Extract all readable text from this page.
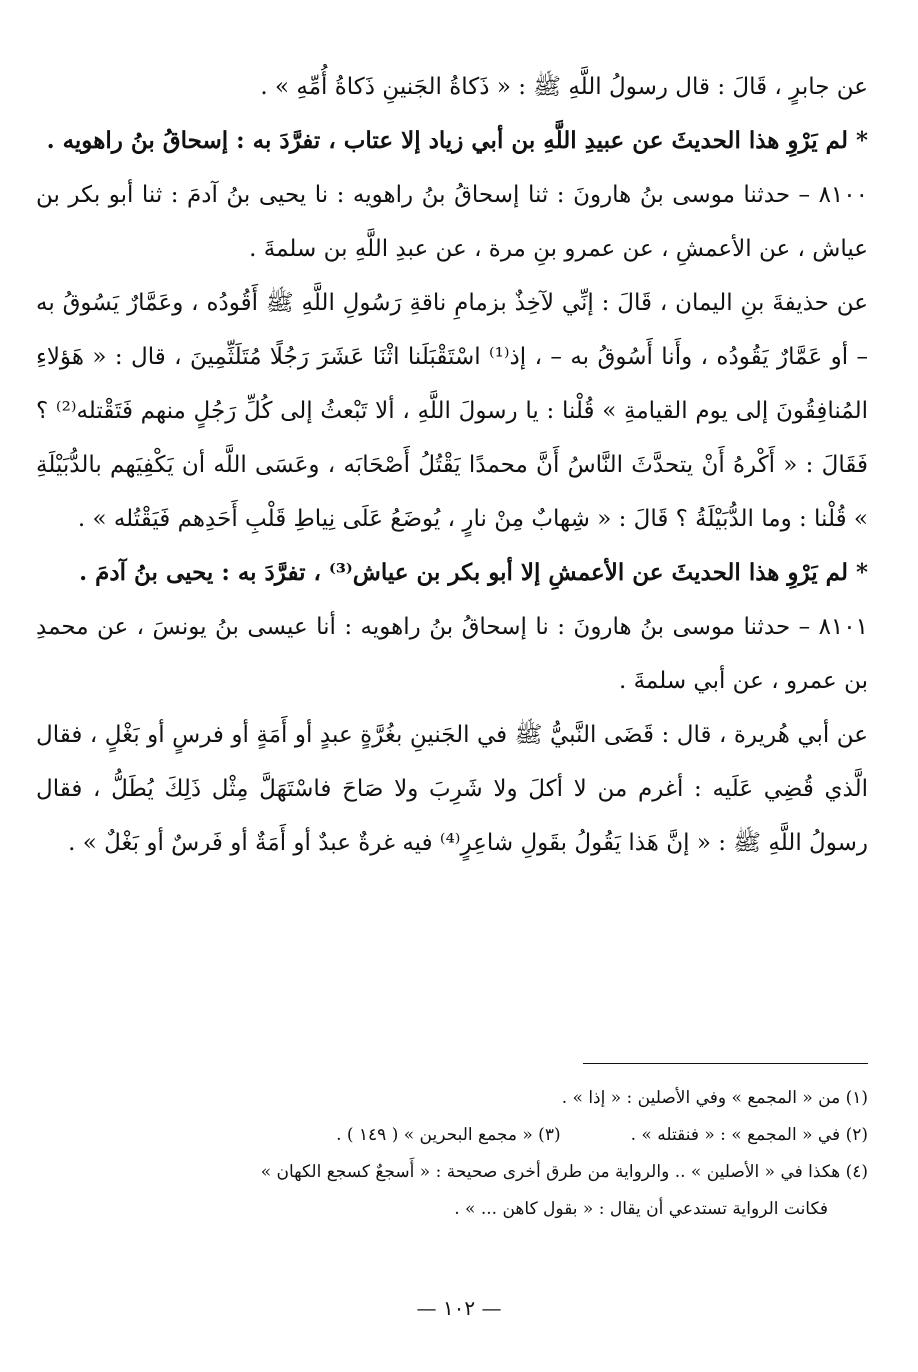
عن جابرٍ ، قَالَ : قال رسولُ اللَّهِ ﷺ : « ذَكاةُ الجَنينِ ذَكاةُ أُمِّهِ » .

* لم يَرْوِ هذا الحديثَ عن عبيدِ اللَّهِ بن أبي زياد إلا عتاب ، تفرَّدَ به : إسحاقُ بنُ راهويه .

٨١٠٠ – حدثنا موسى بنُ هارونَ : ثنا إسحاقُ بنُ راهويه : نا يحيى بنُ آدمَ : ثنا أبو بكر بن عياش ، عن الأعمشِ ، عن عمرو بنِ مرة ، عن عبدِ اللَّهِ بن سلمةَ .

عن حذيفةَ بنِ اليمان ، قَالَ : إنِّي لآخِذٌ بزمامِ ناقةِ رَسُولِ اللَّهِ ﷺ أَقُودُه ، وعَمَّارٌ يَسُوقُ به – أو عَمَّارٌ يَقُودُه ، وأَنا أَسُوقُ به – ، إذ⁽¹⁾ اسْتَقْبَلَنا اثْنَا عَشَرَ رَجُلًا مُتَلَثِّمِينَ ، قال : « هَؤلاءِ المُنافِقُونَ إلى يوم القيامةِ » قُلْنا : يا رسولَ اللَّهِ ، ألا تَبْعثُ إلى كُلِّ رَجُلٍ منهم فَتَقْتله⁽²⁾ ؟ فَقَالَ : « أَكْرهُ أَنْ يتحدَّثَ النَّاسُ أَنَّ محمدًا يَقْتُلُ أَصْحَابَه ، وعَسَى اللَّه أن يَكْفِيَهم بالدُّبَيْلَةِ » قُلْنا : وما الدُّبَيْلَةُ ؟ قَالَ : « شِهابٌ مِنْ نارٍ ، يُوضَعُ عَلَى نِياطِ قَلْبِ أَحَدِهم فَيَقْتُله » .

* لم يَرْوِ هذا الحديثَ عن الأعمشِ إلا أبو بكر بن عياش⁽³⁾ ، تفرَّدَ به : يحيى بنُ آدمَ .

٨١٠١ – حدثنا موسى بنُ هارونَ : نا إسحاقُ بنُ راهويه : أنا عيسى بنُ يونسَ ، عن محمدِ بن عمرو ، عن أبي سلمةَ .

عن أبي هُريرة ، قال : قَضَى النَّبيُّ ﷺ في الجَنينِ بغُرَّةٍ عبدٍ أو أَمَةٍ أو فرسٍ أو بَغْلٍ ، فقال الَّذي قُضِي عَلَيه : أغرم من لا أكلَ ولا شَرِبَ ولا صَاحَ فاسْتَهَلَّ مِثْل ذَلِكَ يُطَلُّ ، فقال رسولُ اللَّهِ ﷺ : « إنَّ هَذا يَقُولُ بقَولِ شاعِرٍ⁽⁴⁾ فيه غرةٌ عبدٌ أو أَمَةٌ أو فَرسٌ أو بَغْلٌ » .

(١) من « المجمع » وفي الأصلين : « إذا » .

(٢) في « المجمع » : « فنقتله » .(٣) « مجمع البحرين » ( ١٤٩ ) .

(٤) هكذا في « الأصلين » .. والرواية من طرق أخرى صحيحة : « أَسجعٌ كسجع الكهان »

فكانت الرواية تستدعي أن يقال : « بقول كاهن ... » .

— ١٠٢ —
